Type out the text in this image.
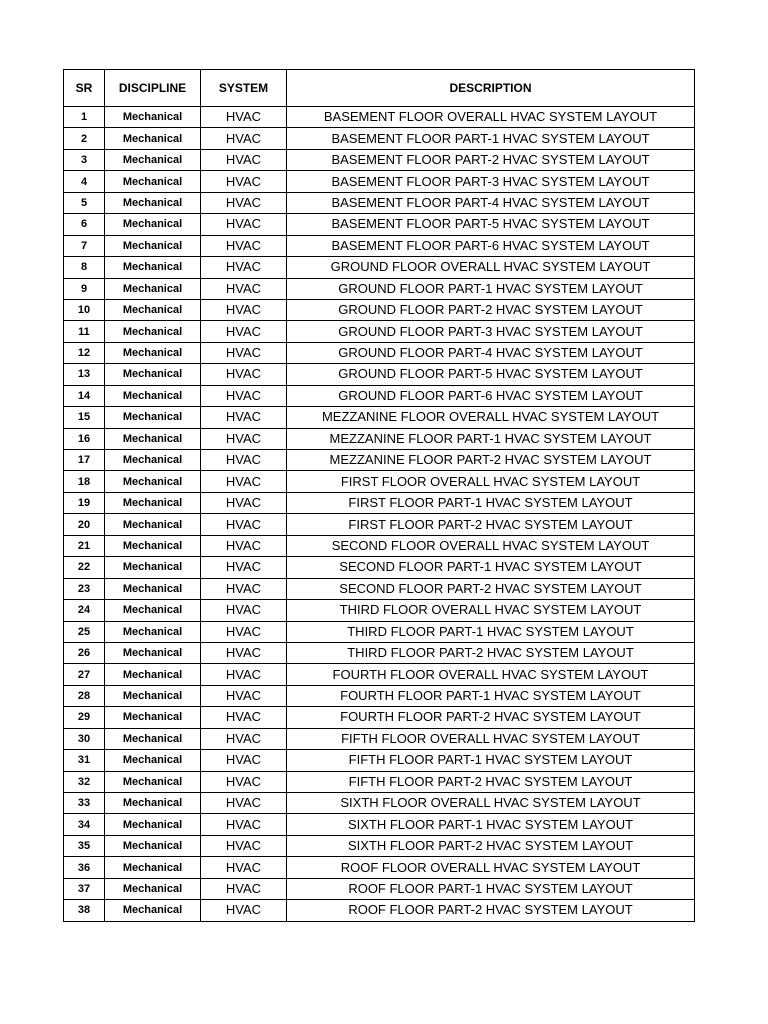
SR	DISCIPLINE	SYSTEM	DESCRIPTION
1	Mechanical	HVAC	BASEMENT FLOOR OVERALL HVAC SYSTEM LAYOUT
2	Mechanical	HVAC	BASEMENT FLOOR PART-1 HVAC SYSTEM LAYOUT
3	Mechanical	HVAC	BASEMENT FLOOR PART-2 HVAC SYSTEM LAYOUT
4	Mechanical	HVAC	BASEMENT FLOOR PART-3 HVAC SYSTEM LAYOUT
5	Mechanical	HVAC	BASEMENT FLOOR PART-4 HVAC SYSTEM LAYOUT
6	Mechanical	HVAC	BASEMENT FLOOR PART-5 HVAC SYSTEM LAYOUT
7	Mechanical	HVAC	BASEMENT FLOOR PART-6 HVAC SYSTEM LAYOUT
8	Mechanical	HVAC	GROUND FLOOR OVERALL HVAC SYSTEM LAYOUT
9	Mechanical	HVAC	GROUND FLOOR PART-1 HVAC SYSTEM LAYOUT
10	Mechanical	HVAC	GROUND FLOOR PART-2 HVAC SYSTEM LAYOUT
11	Mechanical	HVAC	GROUND FLOOR PART-3 HVAC SYSTEM LAYOUT
12	Mechanical	HVAC	GROUND FLOOR PART-4 HVAC SYSTEM LAYOUT
13	Mechanical	HVAC	GROUND FLOOR PART-5 HVAC SYSTEM LAYOUT
14	Mechanical	HVAC	GROUND FLOOR PART-6 HVAC SYSTEM LAYOUT
15	Mechanical	HVAC	MEZZANINE FLOOR OVERALL HVAC SYSTEM LAYOUT
16	Mechanical	HVAC	MEZZANINE FLOOR PART-1 HVAC SYSTEM LAYOUT
17	Mechanical	HVAC	MEZZANINE FLOOR PART-2 HVAC SYSTEM LAYOUT
18	Mechanical	HVAC	FIRST FLOOR OVERALL HVAC SYSTEM LAYOUT
19	Mechanical	HVAC	FIRST FLOOR PART-1 HVAC SYSTEM LAYOUT
20	Mechanical	HVAC	FIRST FLOOR PART-2 HVAC SYSTEM LAYOUT
21	Mechanical	HVAC	SECOND FLOOR OVERALL HVAC SYSTEM LAYOUT
22	Mechanical	HVAC	SECOND FLOOR PART-1 HVAC SYSTEM LAYOUT
23	Mechanical	HVAC	SECOND FLOOR PART-2 HVAC SYSTEM LAYOUT
24	Mechanical	HVAC	THIRD FLOOR OVERALL HVAC SYSTEM LAYOUT
25	Mechanical	HVAC	THIRD FLOOR PART-1 HVAC SYSTEM LAYOUT
26	Mechanical	HVAC	THIRD FLOOR PART-2 HVAC SYSTEM LAYOUT
27	Mechanical	HVAC	FOURTH FLOOR OVERALL HVAC SYSTEM LAYOUT
28	Mechanical	HVAC	FOURTH FLOOR PART-1 HVAC SYSTEM LAYOUT
29	Mechanical	HVAC	FOURTH FLOOR PART-2 HVAC SYSTEM LAYOUT
30	Mechanical	HVAC	FIFTH FLOOR OVERALL HVAC SYSTEM LAYOUT
31	Mechanical	HVAC	FIFTH FLOOR PART-1 HVAC SYSTEM LAYOUT
32	Mechanical	HVAC	FIFTH FLOOR PART-2 HVAC SYSTEM LAYOUT
33	Mechanical	HVAC	SIXTH FLOOR OVERALL HVAC SYSTEM LAYOUT
34	Mechanical	HVAC	SIXTH FLOOR PART-1 HVAC SYSTEM LAYOUT
35	Mechanical	HVAC	SIXTH FLOOR PART-2 HVAC SYSTEM LAYOUT
36	Mechanical	HVAC	ROOF FLOOR OVERALL HVAC SYSTEM LAYOUT
37	Mechanical	HVAC	ROOF FLOOR PART-1 HVAC SYSTEM LAYOUT
38	Mechanical	HVAC	ROOF FLOOR PART-2 HVAC SYSTEM LAYOUT
